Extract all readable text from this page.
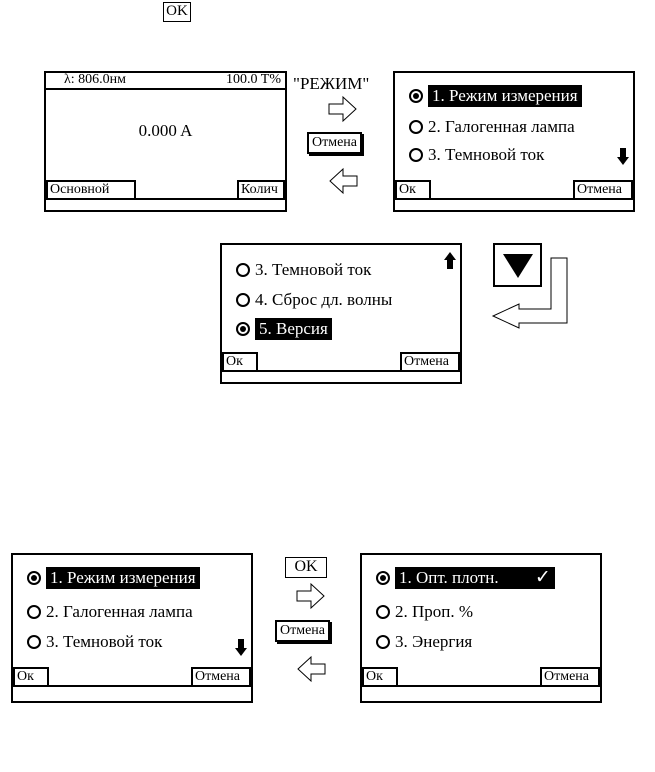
OK
λ: 806.0нм	100.0 T%
0.000 A
Основной	Колич
"РЕЖИМ"
Отмена
1. Режим измерения
2. Галогенная лампа
3. Темновой ток
Ок	Отмена
3. Темновой ток
4. Сброс дл. волны
5. Версия
Ок	Отмена
1. Режим измерения
2. Галогенная лампа
3. Темновой ток
Ок	Отмена
OK
Отмена
1. Опт. плотн. ✓
2. Проп. %
3. Энергия
Ок	Отмена
